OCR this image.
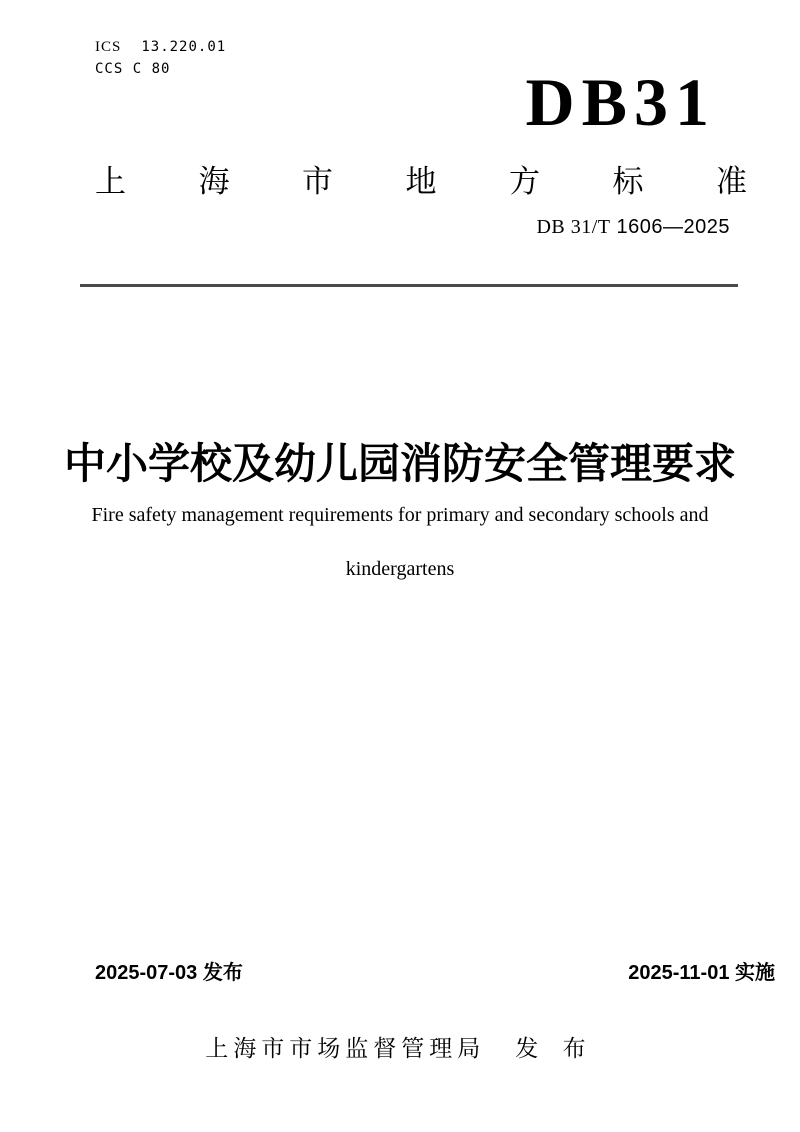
ICS 13.220.01
CCS C 80	DB31
上 海 市 地 方 标 准
DB 31/T 1606—2025
中小学校及幼儿园消防安全管理要求
Fire safety management requirements for primary and secondary schools and
kindergartens
2025-07-03 发布	2025-11-01 实施
上海市市场监督管理局 发 布
